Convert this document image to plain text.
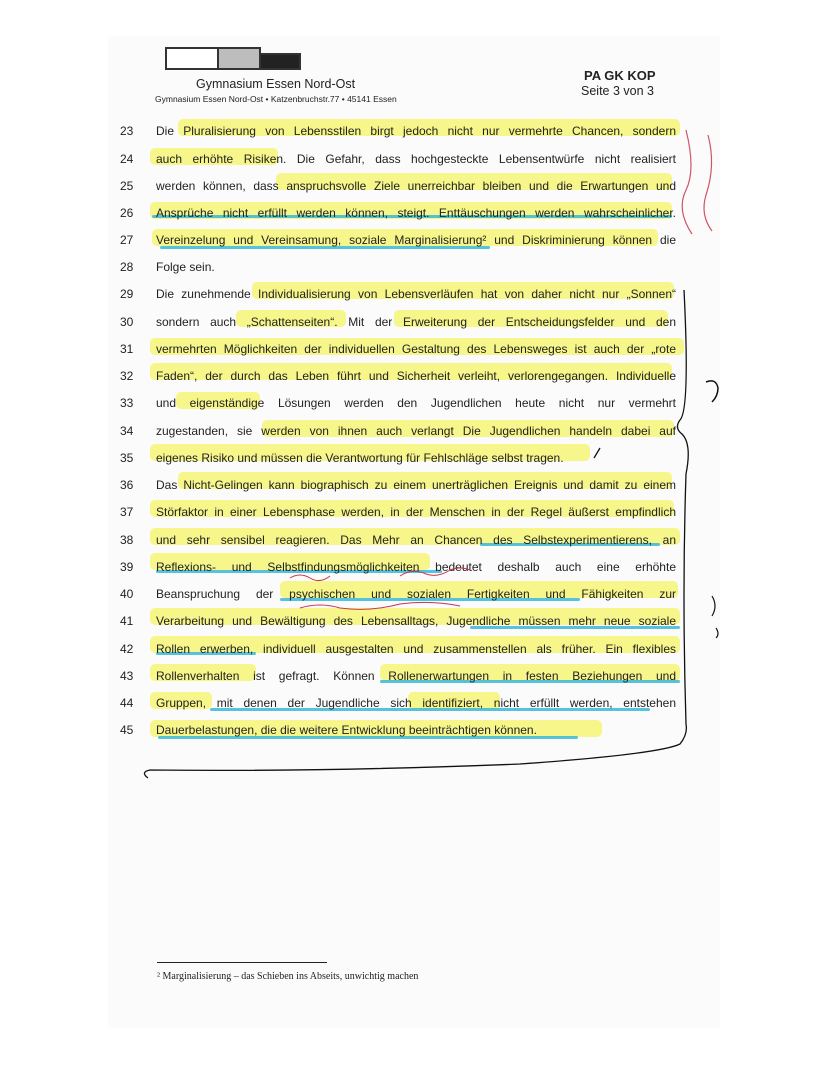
Gymnasium Essen Nord-Ost
Gymnasium Essen Nord-Ost • Katzenbruchstr.77 • 45141 Essen
PA GK KOP
Seite 3 von 3
23	Die Pluralisierung von Lebensstilen birgt jedoch nicht nur vermehrte Chancen, sondern
24	auch erhöhte Risiken. Die Gefahr, dass hochgesteckte Lebensentwürfe nicht realisiert
25	werden können, dass anspruchsvolle Ziele unerreichbar bleiben und die Erwartungen und
26	Ansprüche nicht erfüllt werden können, steigt. Enttäuschungen werden wahrscheinlicher.
27	Vereinzelung und Vereinsamung, soziale Marginalisierung² und Diskriminierung können die
28	Folge sein.
29	Die zunehmende Individualisierung von Lebensverläufen hat von daher nicht nur „Sonnen“
30	sondern auch „Schattenseiten“. Mit der Erweiterung der Entscheidungsfelder und den
31	vermehrten Möglichkeiten der individuellen Gestaltung des Lebensweges ist auch der „rote
32	Faden“, der durch das Leben führt und Sicherheit verleiht, verlorengegangen. Individuelle
33	und eigenständige Lösungen werden den Jugendlichen heute nicht nur vermehrt
34	zugestanden, sie werden von ihnen auch verlangt Die Jugendlichen handeln dabei auf
35	eigenes Risiko und müssen die Verantwortung für Fehlschläge selbst tragen.
36	Das Nicht-Gelingen kann biographisch zu einem unerträglichen Ereignis und damit zu einem
37	Störfaktor in einer Lebensphase werden, in der Menschen in der Regel äußerst empfindlich
38	und sehr sensibel reagieren. Das Mehr an Chancen des Selbstexperimentierens, an
39	Reflexions- und Selbstfindungsmöglichkeiten bedeutet deshalb auch eine erhöhte
40	Beanspruchung der psychischen und sozialen Fertigkeiten und Fähigkeiten zur
41	Verarbeitung und Bewältigung des Lebensalltags, Jugendliche müssen mehr neue soziale
42	Rollen erwerben, individuell ausgestalten und zusammenstellen als früher. Ein flexibles
43	Rollenverhalten ist gefragt. Können Rollenerwartungen in festen Beziehungen und
44	Gruppen, mit denen der Jugendliche sich identifiziert, nicht erfüllt werden, entstehen
45	Dauerbelastungen, die die weitere Entwicklung beeinträchtigen können.
² Marginalisierung – das Schieben ins Abseits, unwichtig machen
